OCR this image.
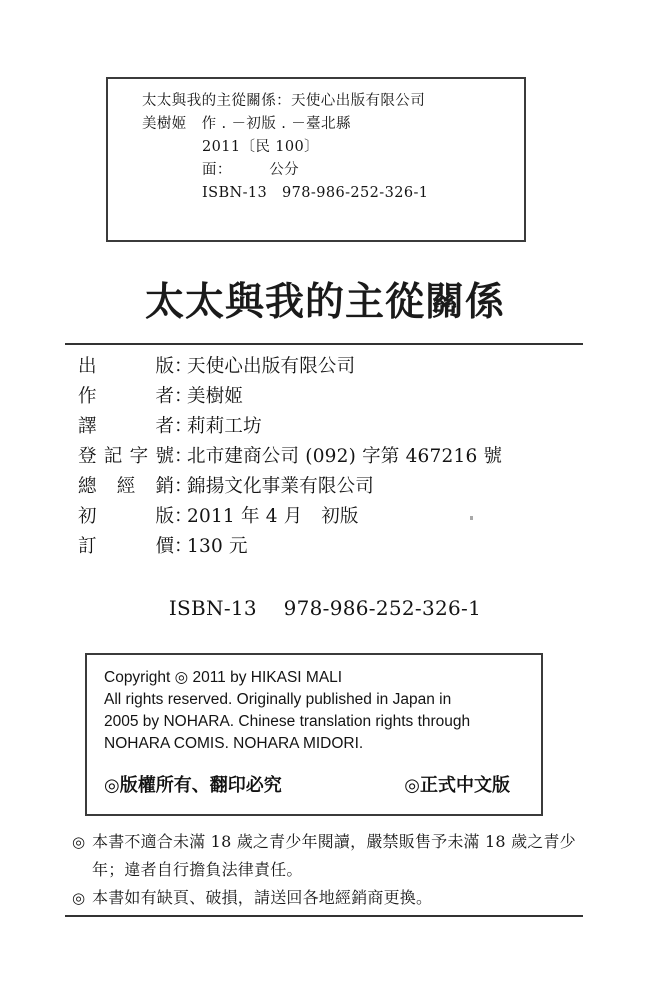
太太與我的主從關係：天使心出版有限公司
美樹姬　作 . －初版 . －臺北縣
2011〔民 100〕
面：　　　公分
ISBN-13　978-986-252-326-1
太太與我的主從關係
出版 ：
天使心出版有限公司
作者 ：
美樹姬
譯者 ：
莉莉工坊
登記字號 ：
北市建商公司 (092) 字第 467216 號
總經銷 ：
錦揚文化事業有限公司
初版 ：
2011 年 4 月　初版
訂價 ：
130 元
ISBN-13    978-986-252-326-1
Copyright ◎ 2011 by HIKASI MALI
All rights reserved. Originally published in Japan in
2005 by NOHARA. Chinese translation rights through
NOHARA COMIS. NOHARA MIDORI.
◎版權所有、翻印必究	◎正式中文版
◎ 本書不適合未滿 18 歲之青少年閱讀，嚴禁販售予未滿 18 歲之青少年；違者自行擔負法律責任。
◎ 本書如有缺頁、破損，請送回各地經銷商更換。
